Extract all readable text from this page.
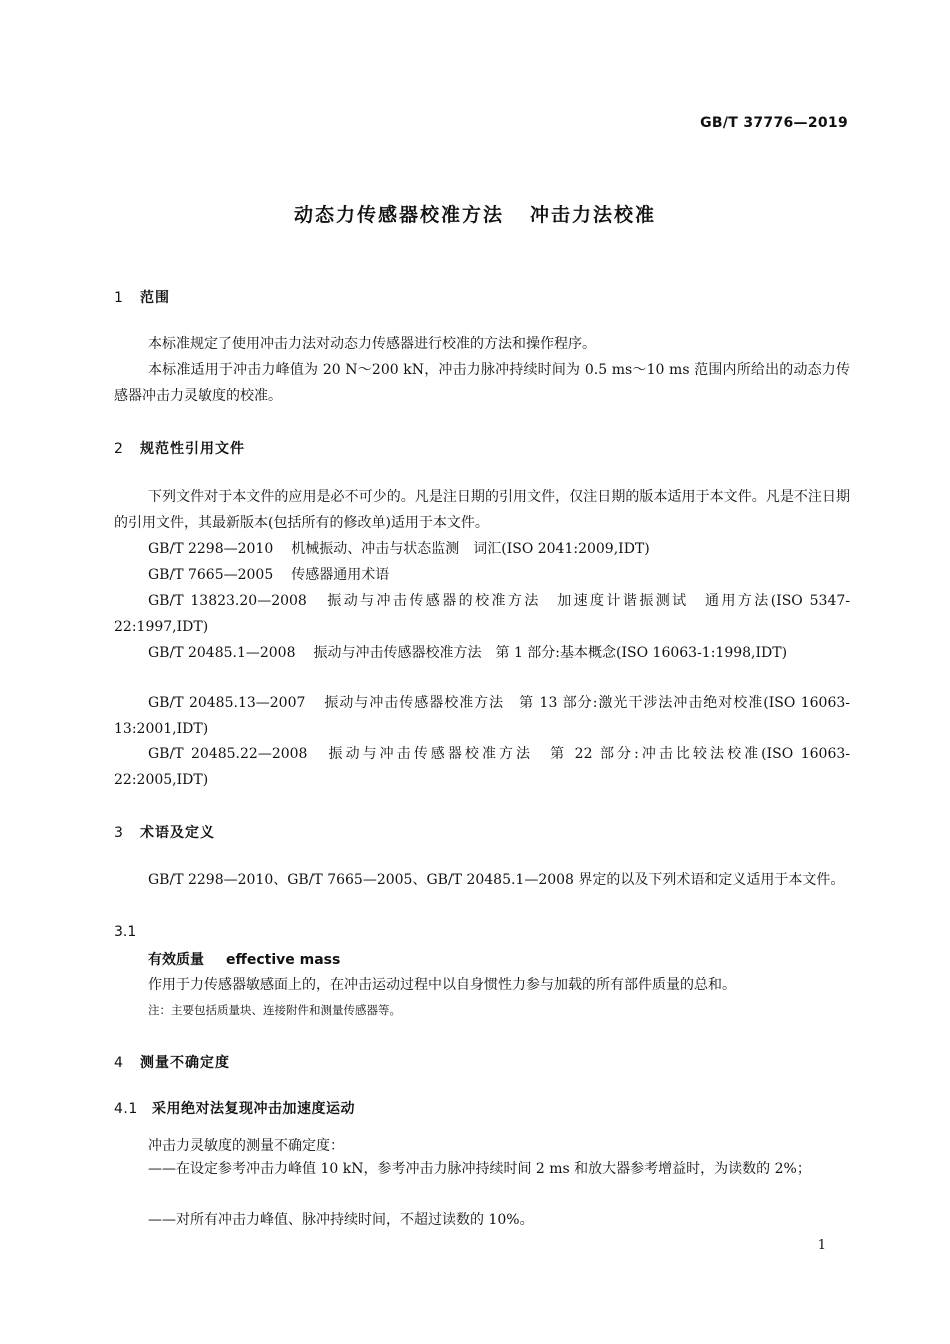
GB/T 37776—2019
动态力传感器校准方法 冲击力法校准
1 范围
本标准规定了使用冲击力法对动态力传感器进行校准的方法和操作程序。
本标准适用于冲击力峰值为 20 N～200 kN，冲击力脉冲持续时间为 0.5 ms～10 ms 范围内所给出的动态力传感器冲击力灵敏度的校准。
2 规范性引用文件
下列文件对于本文件的应用是必不可少的。凡是注日期的引用文件，仅注日期的版本适用于本文件。凡是不注日期的引用文件，其最新版本(包括所有的修改单)适用于本文件。
GB/T 2298—2010 机械振动、冲击与状态监测　词汇(ISO 2041:2009,IDT)
GB/T 7665—2005 传感器通用术语
GB/T 13823.20—2008 振动与冲击传感器的校准方法　加速度计谐振测试　通用方法(ISO 5347-22:1997,IDT)
GB/T 20485.1—2008 振动与冲击传感器校准方法　第 1 部分:基本概念(ISO 16063-1:1998,IDT)
GB/T 20485.13—2007 振动与冲击传感器校准方法　第 13 部分:激光干涉法冲击绝对校准(ISO 16063-13:2001,IDT)
GB/T 20485.22—2008 振动与冲击传感器校准方法　第 22 部分:冲击比较法校准(ISO 16063-22:2005,IDT)
3 术语及定义
GB/T 2298—2010、GB/T 7665—2005、GB/T 20485.1—2008 界定的以及下列术语和定义适用于本文件。
3.1
有效质量 effective mass
作用于力传感器敏感面上的，在冲击运动过程中以自身惯性力参与加载的所有部件质量的总和。
注：主要包括质量块、连接附件和测量传感器等。
4 测量不确定度
4.1 采用绝对法复现冲击加速度运动
冲击力灵敏度的测量不确定度：
——在设定参考冲击力峰值 10 kN，参考冲击力脉冲持续时间 2 ms 和放大器参考增益时，为读数的 2%；
——对所有冲击力峰值、脉冲持续时间，不超过读数的 10%。
1
